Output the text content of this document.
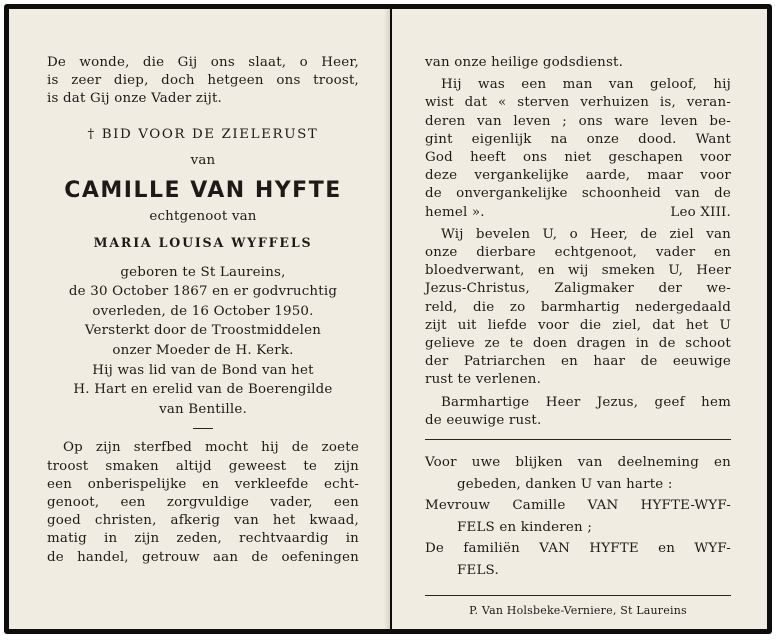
De wonde, die Gij ons slaat, o Heer,
is zeer diep, doch hetgeen ons troost,
is dat Gij onze Vader zijt.
† BID VOOR DE ZIELERUST
van
CAMILLE VAN HYFTE
echtgenoot van
MARIA LOUISA WYFFELS
geboren te St Laureins,
de 30 October 1867 en er godvruchtig
overleden, de 16 October 1950.
Versterkt door de Troostmiddelen
onzer Moeder de H. Kerk.
Hij was lid van de Bond van het
H. Hart en erelid van de Boerengilde
van Bentille.
Op zijn sterfbed mocht hij de zoete
troost smaken altijd geweest te zijn
een onberispelijke en verkleefde echt-
genoot, een zorgvuldige vader, een
goed christen, afkerig van het kwaad,
matig in zijn zeden, rechtvaardig in
de handel, getrouw aan de oefeningen
van onze heilige godsdienst.
Hij was een man van geloof, hij
wist dat « sterven verhuizen is, veran-
deren van leven ; ons ware leven be-
gint eigenlijk na onze dood. Want
God heeft ons niet geschapen voor
deze vergankelijke aarde, maar voor
de onvergankelijke schoonheid van de
hemel ».	Leo XIII.
Wij bevelen U, o Heer, de ziel van
onze dierbare echtgenoot, vader en
bloedverwant, en wij smeken U, Heer
Jezus-Christus, Zaligmaker der we-
reld, die zo barmhartig nedergedaald
zijt uit liefde voor die ziel, dat het U
gelieve ze te doen dragen in de schoot
der Patriarchen en haar de eeuwige
rust te verlenen.
Barmhartige Heer Jezus, geef hem
de eeuwige rust.
Voor uwe blijken van deelneming en
gebeden, danken U van harte :
Mevrouw Camille VAN HYFTE-WYF-
FELS en kinderen ;
De familiën VAN HYFTE en WYF-
FELS.
P. Van Holsbeke-Verniere, St Laureins
